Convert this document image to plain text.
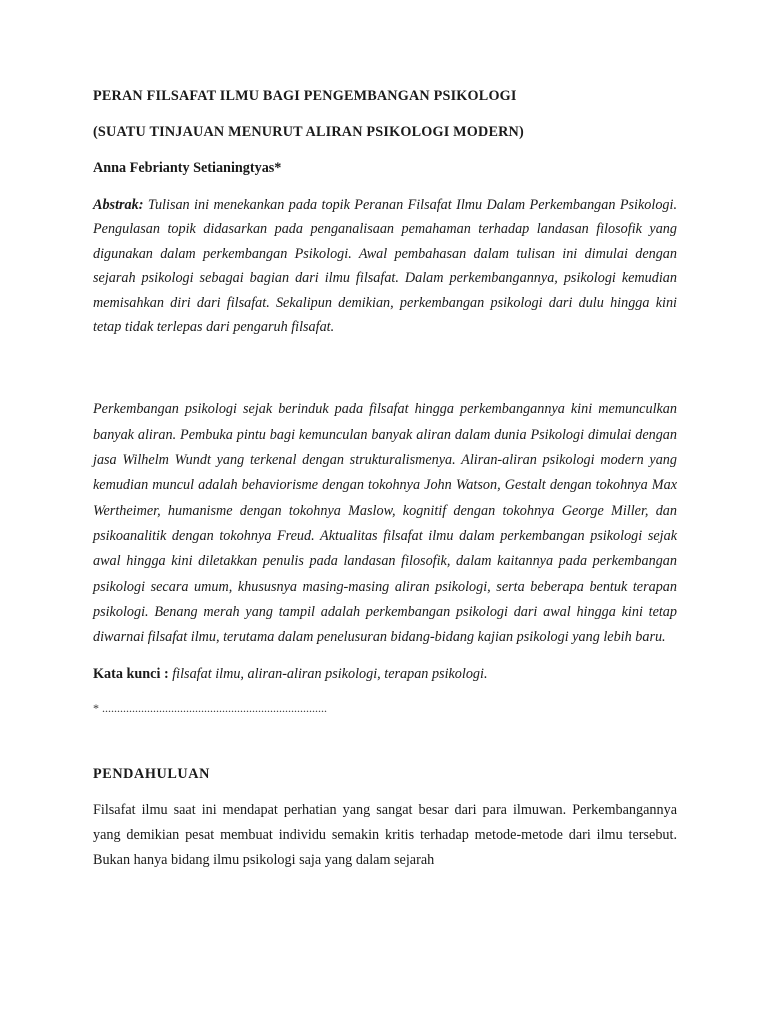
PERAN FILSAFAT ILMU BAGI PENGEMBANGAN PSIKOLOGI
(SUATU TINJAUAN MENURUT ALIRAN PSIKOLOGI MODERN)
Anna Febrianty Setianingtyas*

Abstrak: Tulisan ini menekankan pada topik Peranan Filsafat Ilmu Dalam Perkembangan Psikologi. Pengulasan topik didasarkan pada penganalisaan pemahaman terhadap landasan filosofik yang digunakan dalam perkembangan Psikologi. Awal pembahasan dalam tulisan ini dimulai dengan sejarah psikologi sebagai bagian dari ilmu filsafat. Dalam perkembangannya, psikologi kemudian memisahkan diri dari filsafat. Sekalipun demikian, perkembangan psikologi dari dulu hingga kini tetap tidak terlepas dari pengaruh filsafat.

Perkembangan psikologi sejak berinduk pada filsafat hingga perkembangannya kini memunculkan banyak aliran. Pembuka pintu bagi kemunculan banyak aliran dalam dunia Psikologi dimulai dengan jasa Wilhelm Wundt yang terkenal dengan strukturalismenya. Aliran-aliran psikologi modern yang kemudian muncul adalah behaviorisme dengan tokohnya John Watson, Gestalt dengan tokohnya Max Wertheimer, humanisme dengan tokohnya Maslow, kognitif dengan tokohnya George Miller, dan psikoanalitik dengan tokohnya Freud. Aktualitas filsafat ilmu dalam perkembangan psikologi sejak awal hingga kini diletakkan penulis pada landasan filosofik, dalam kaitannya pada perkembangan psikologi secara umum, khususnya masing-masing aliran psikologi, serta beberapa bentuk terapan psikologi. Benang merah yang tampil adalah perkembangan psikologi dari awal hingga kini tetap diwarnai filsafat ilmu, terutama dalam penelusuran bidang-bidang kajian psikologi yang lebih baru.

Kata kunci : filsafat ilmu, aliran-aliran psikologi, terapan psikologi.

* ...........................................................................
PENDAHULUAN

Filsafat ilmu saat ini mendapat perhatian yang sangat besar dari para ilmuwan. Perkembangannya yang demikian pesat membuat individu semakin kritis terhadap metode-metode dari ilmu tersebut. Bukan hanya bidang ilmu psikologi saja yang dalam sejarah
